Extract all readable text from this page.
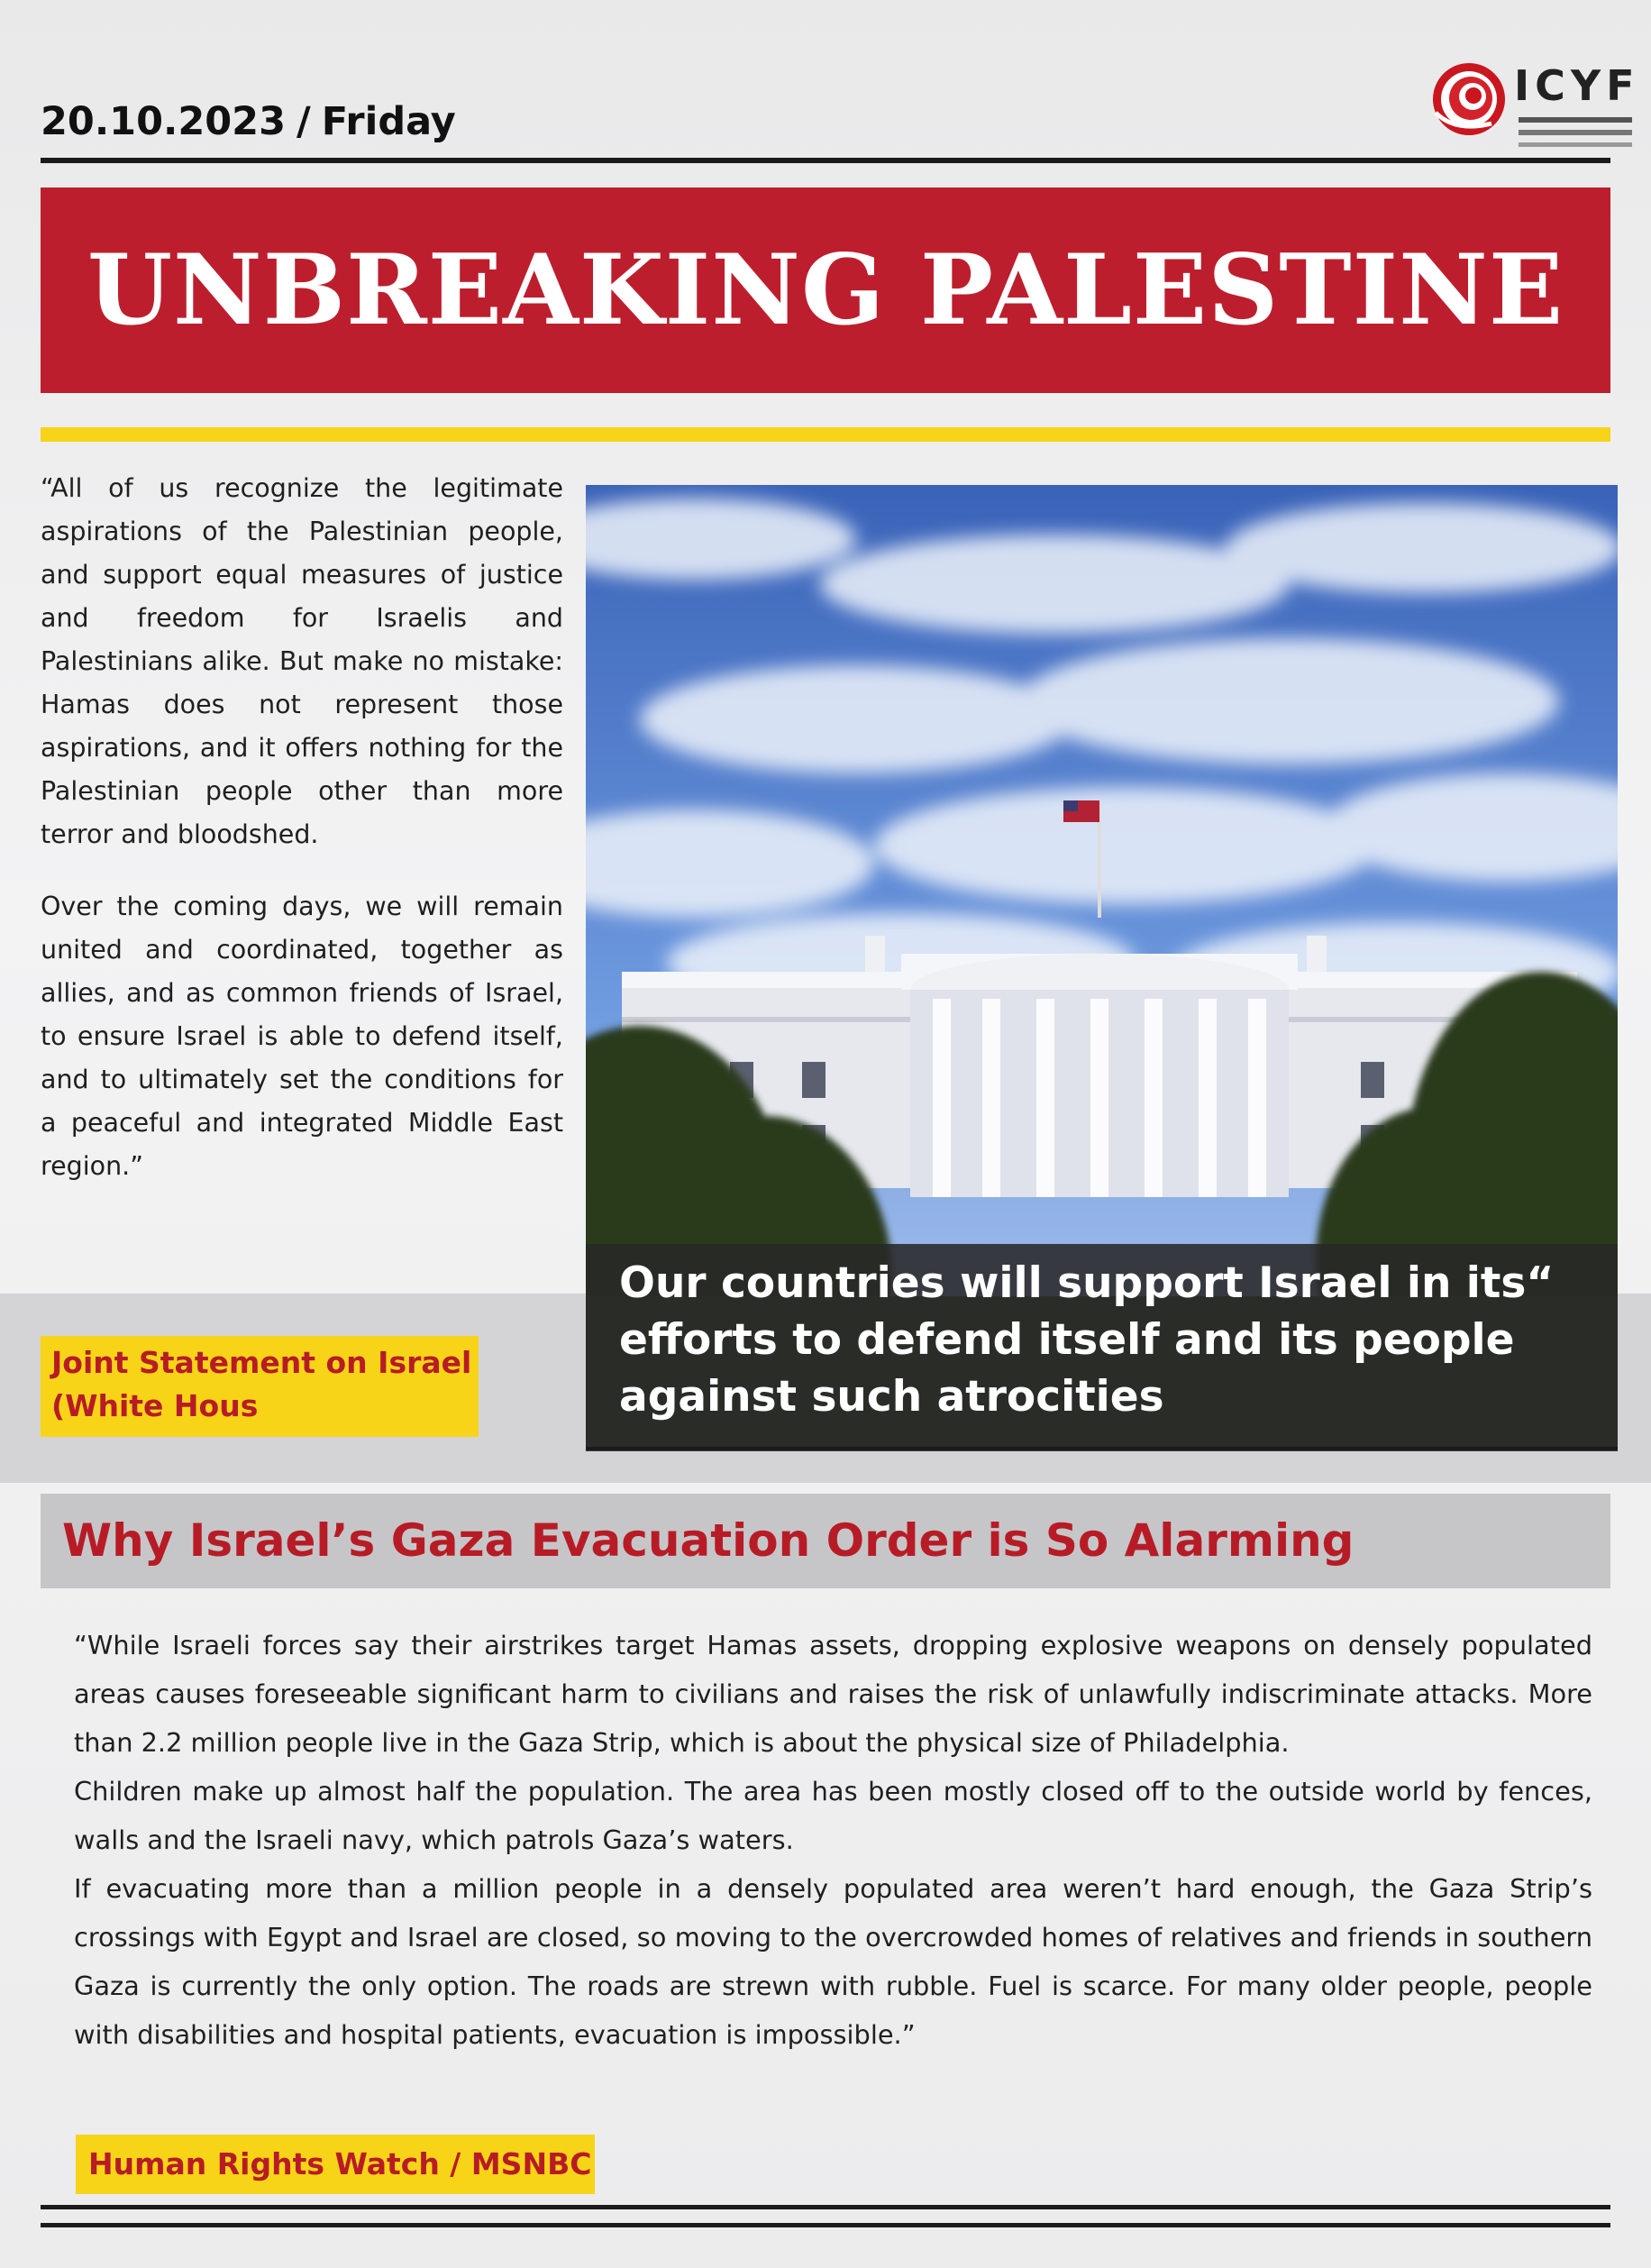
20.10.2023 / Friday
ICYF
UNBREAKING PALESTINE

“All of us recognize the legitimate aspirations of the Palestinian people, and support equal measures of justice and freedom for Israelis and Palestinians alike. But make no mistake: Hamas does not represent those aspirations, and it offers nothing for the Palestinian people other than more terror and bloodshed.

Over the coming days, we will remain united and coordinated, together as allies, and as common friends of Israel, to ensure Israel is able to defend itself, and to ultimately set the conditions for a peaceful and integrated Middle East region.”

Our countries will support Israel in its“ efforts to defend itself and its people against such atrocities
Joint Statement on Israel
(White Hous
Why Israel’s Gaza Evacuation Order is So Alarming

“While Israeli forces say their airstrikes target Hamas assets, dropping explosive weapons on densely populated areas causes foreseeable significant harm to civilians and raises the risk of unlawfully indiscriminate attacks. More than 2.2 million people live in the Gaza Strip, which is about the physical size of Philadelphia.

Children make up almost half the population. The area has been mostly closed off to the outside world by fences, walls and the Israeli navy, which patrols Gaza’s waters.

If evacuating more than a million people in a densely populated area weren’t hard enough, the Gaza Strip’s crossings with Egypt and Israel are closed, so moving to the overcrowded homes of relatives and friends in southern Gaza is currently the only option. The roads are strewn with rubble. Fuel is scarce. For many older people, people with disabilities and hospital patients, evacuation is impossible.”

Human Rights Watch / MSNBC
